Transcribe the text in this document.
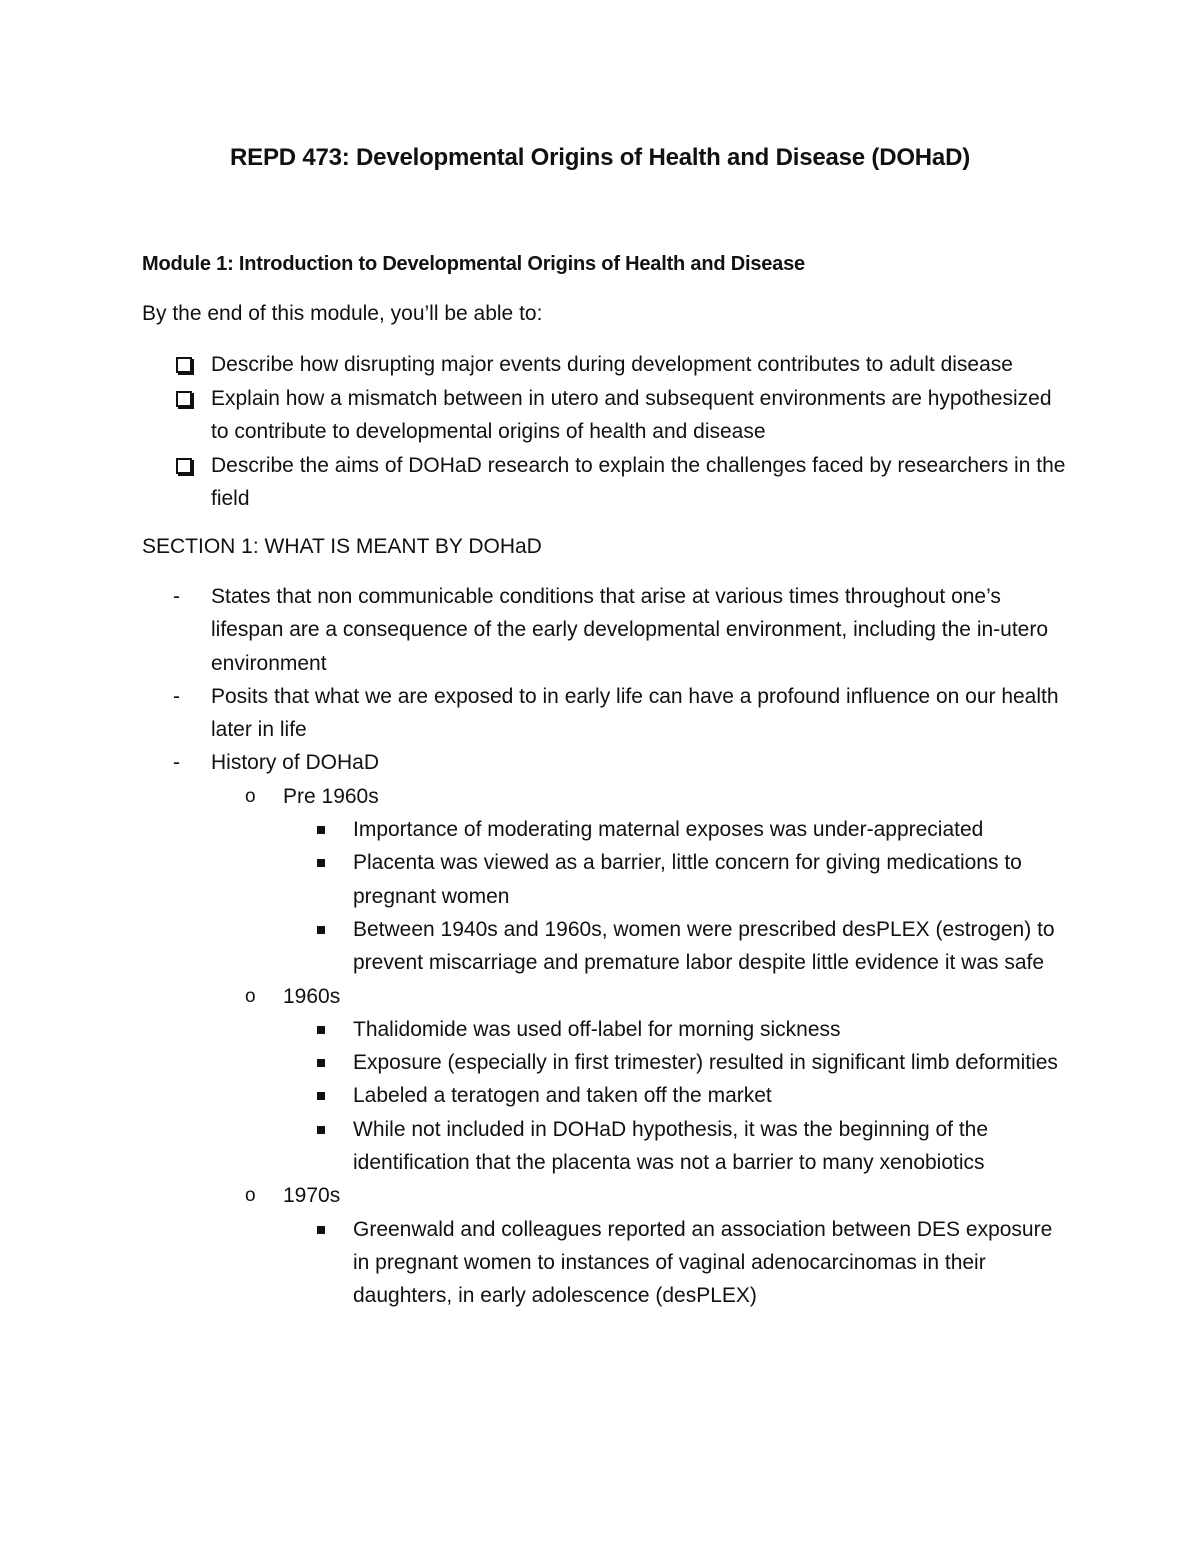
REPD 473: Developmental Origins of Health and Disease (DOHaD)
Module 1: Introduction to Developmental Origins of Health and Disease
By the end of this module, you’ll be able to:
Describe how disrupting major events during development contributes to adult disease
Explain how a mismatch between in utero and subsequent environments are hypothesized to contribute to developmental origins of health and disease
Describe the aims of DOHaD research to explain the challenges faced by researchers in the field
SECTION 1: WHAT IS MEANT BY DOHaD
- States that non communicable conditions that arise at various times throughout one’s lifespan are a consequence of the early developmental environment, including the in-utero environment
- Posits that what we are exposed to in early life can have a profound influence on our health later in life
- History of DOHaD
o Pre 1960s
Importance of moderating maternal exposes was under-appreciated
Placenta was viewed as a barrier, little concern for giving medications to pregnant women
Between 1940s and 1960s, women were prescribed desPLEX (estrogen) to prevent miscarriage and premature labor despite little evidence it was safe
o 1960s
Thalidomide was used off-label for morning sickness
Exposure (especially in first trimester) resulted in significant limb deformities
Labeled a teratogen and taken off the market
While not included in DOHaD hypothesis, it was the beginning of the identification that the placenta was not a barrier to many xenobiotics
o 1970s
Greenwald and colleagues reported an association between DES exposure in pregnant women to instances of vaginal adenocarcinomas in their daughters, in early adolescence (desPLEX)
